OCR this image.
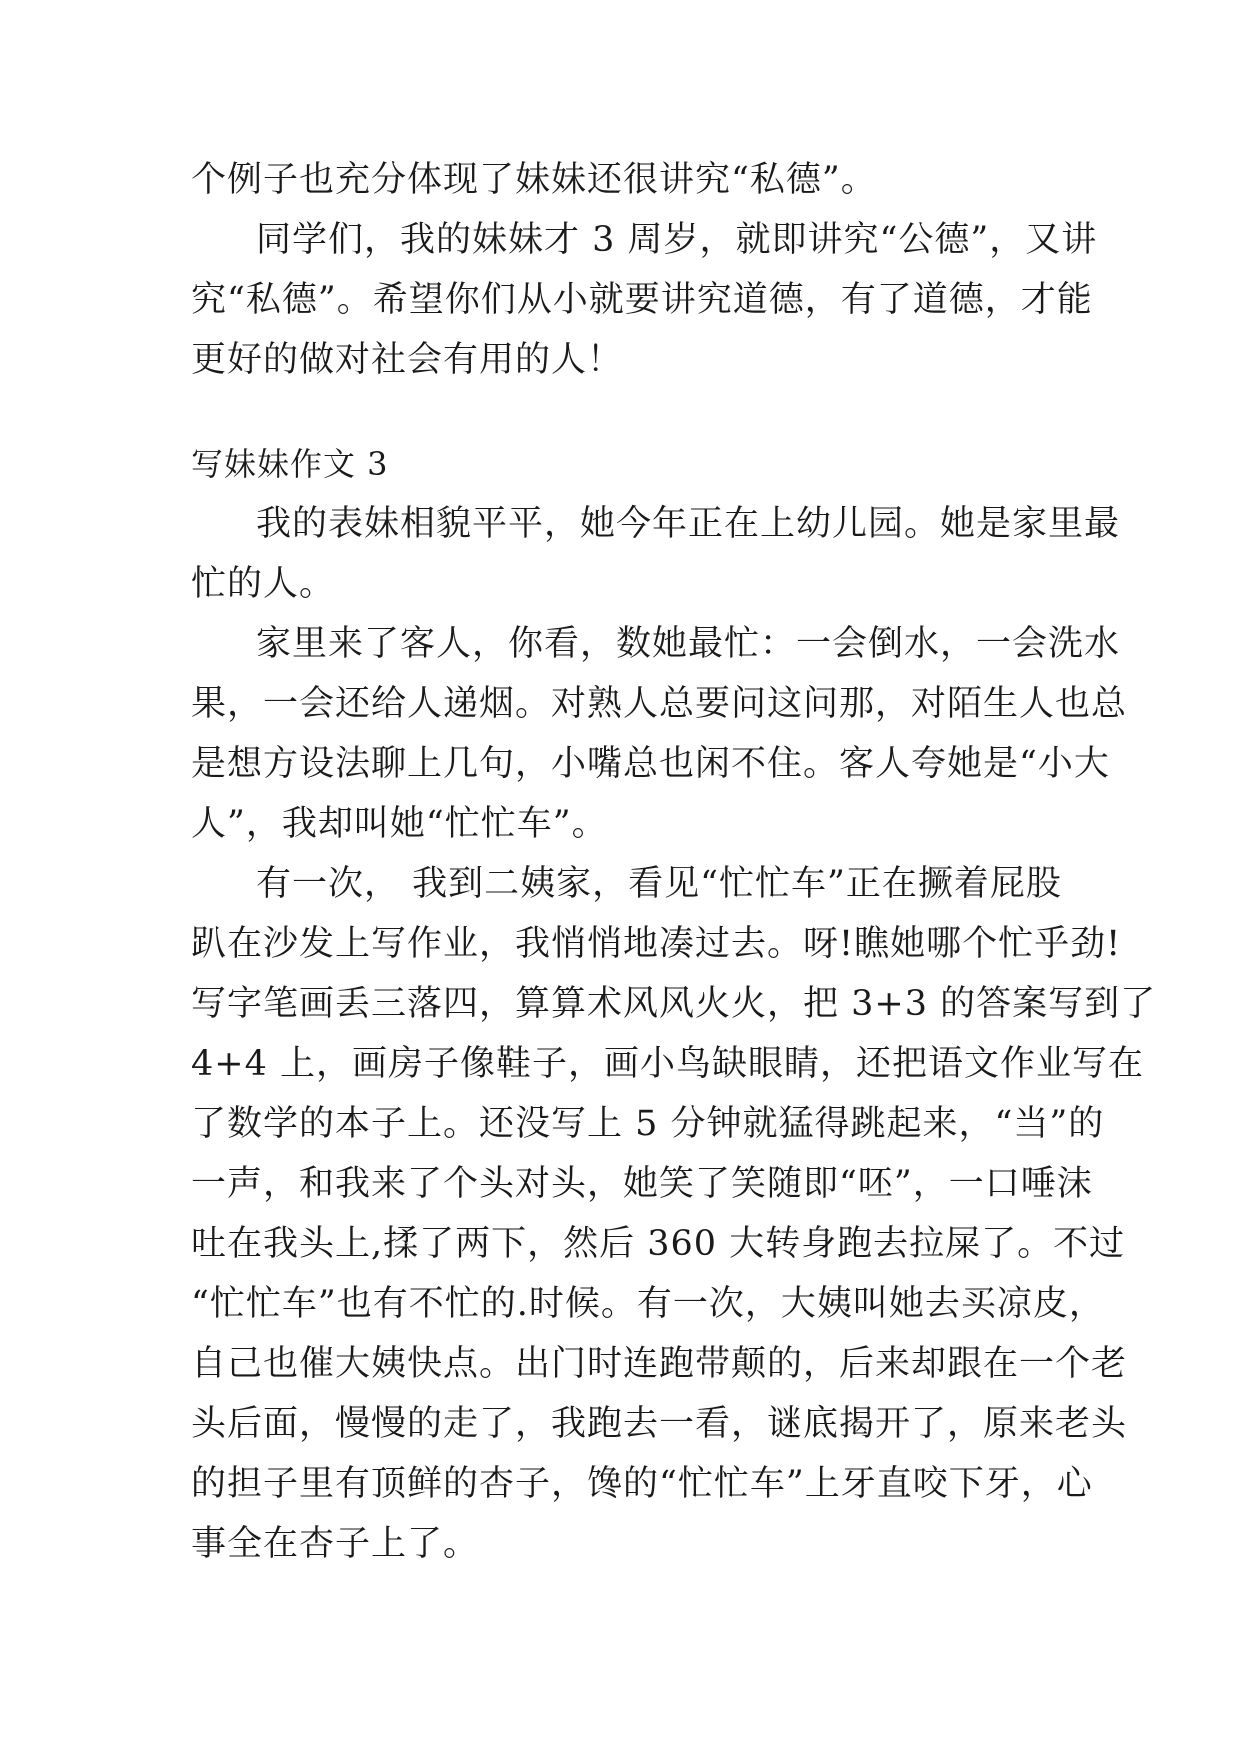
个例子也充分体现了妹妹还很讲究“私德”。
同学们，我的妹妹才 3 周岁，就即讲究“公德”，又讲
究“私德”。希望你们从小就要讲究道德，有了道德，才能
更好的做对社会有用的人！
写妹妹作文 3
我的表妹相貌平平，她今年正在上幼儿园。她是家里最
忙的人。
家里来了客人，你看，数她最忙：一会倒水，一会洗水
果，一会还给人递烟。对熟人总要问这问那，对陌生人也总
是想方设法聊上几句，小嘴总也闲不住。客人夸她是“小大
人”，我却叫她“忙忙车”。
有一次， 我到二姨家，看见“忙忙车”正在撅着屁股
趴在沙发上写作业，我悄悄地凑过去。呀!瞧她哪个忙乎劲!
写字笔画丢三落四，算算术风风火火，把 3+3 的答案写到了
4+4 上，画房子像鞋子，画小鸟缺眼睛，还把语文作业写在
了数学的本子上。还没写上 5 分钟就猛得跳起来，“当”的
一声，和我来了个头对头，她笑了笑随即“呸”，一口唾沫
吐在我头上,揉了两下，然后 360 大转身跑去拉屎了。不过
“忙忙车”也有不忙的.时候。有一次，大姨叫她去买凉皮，
自己也催大姨快点。出门时连跑带颠的，后来却跟在一个老
头后面，慢慢的走了，我跑去一看，谜底揭开了，原来老头
的担子里有顶鲜的杏子，馋的“忙忙车”上牙直咬下牙，心
事全在杏子上了。
